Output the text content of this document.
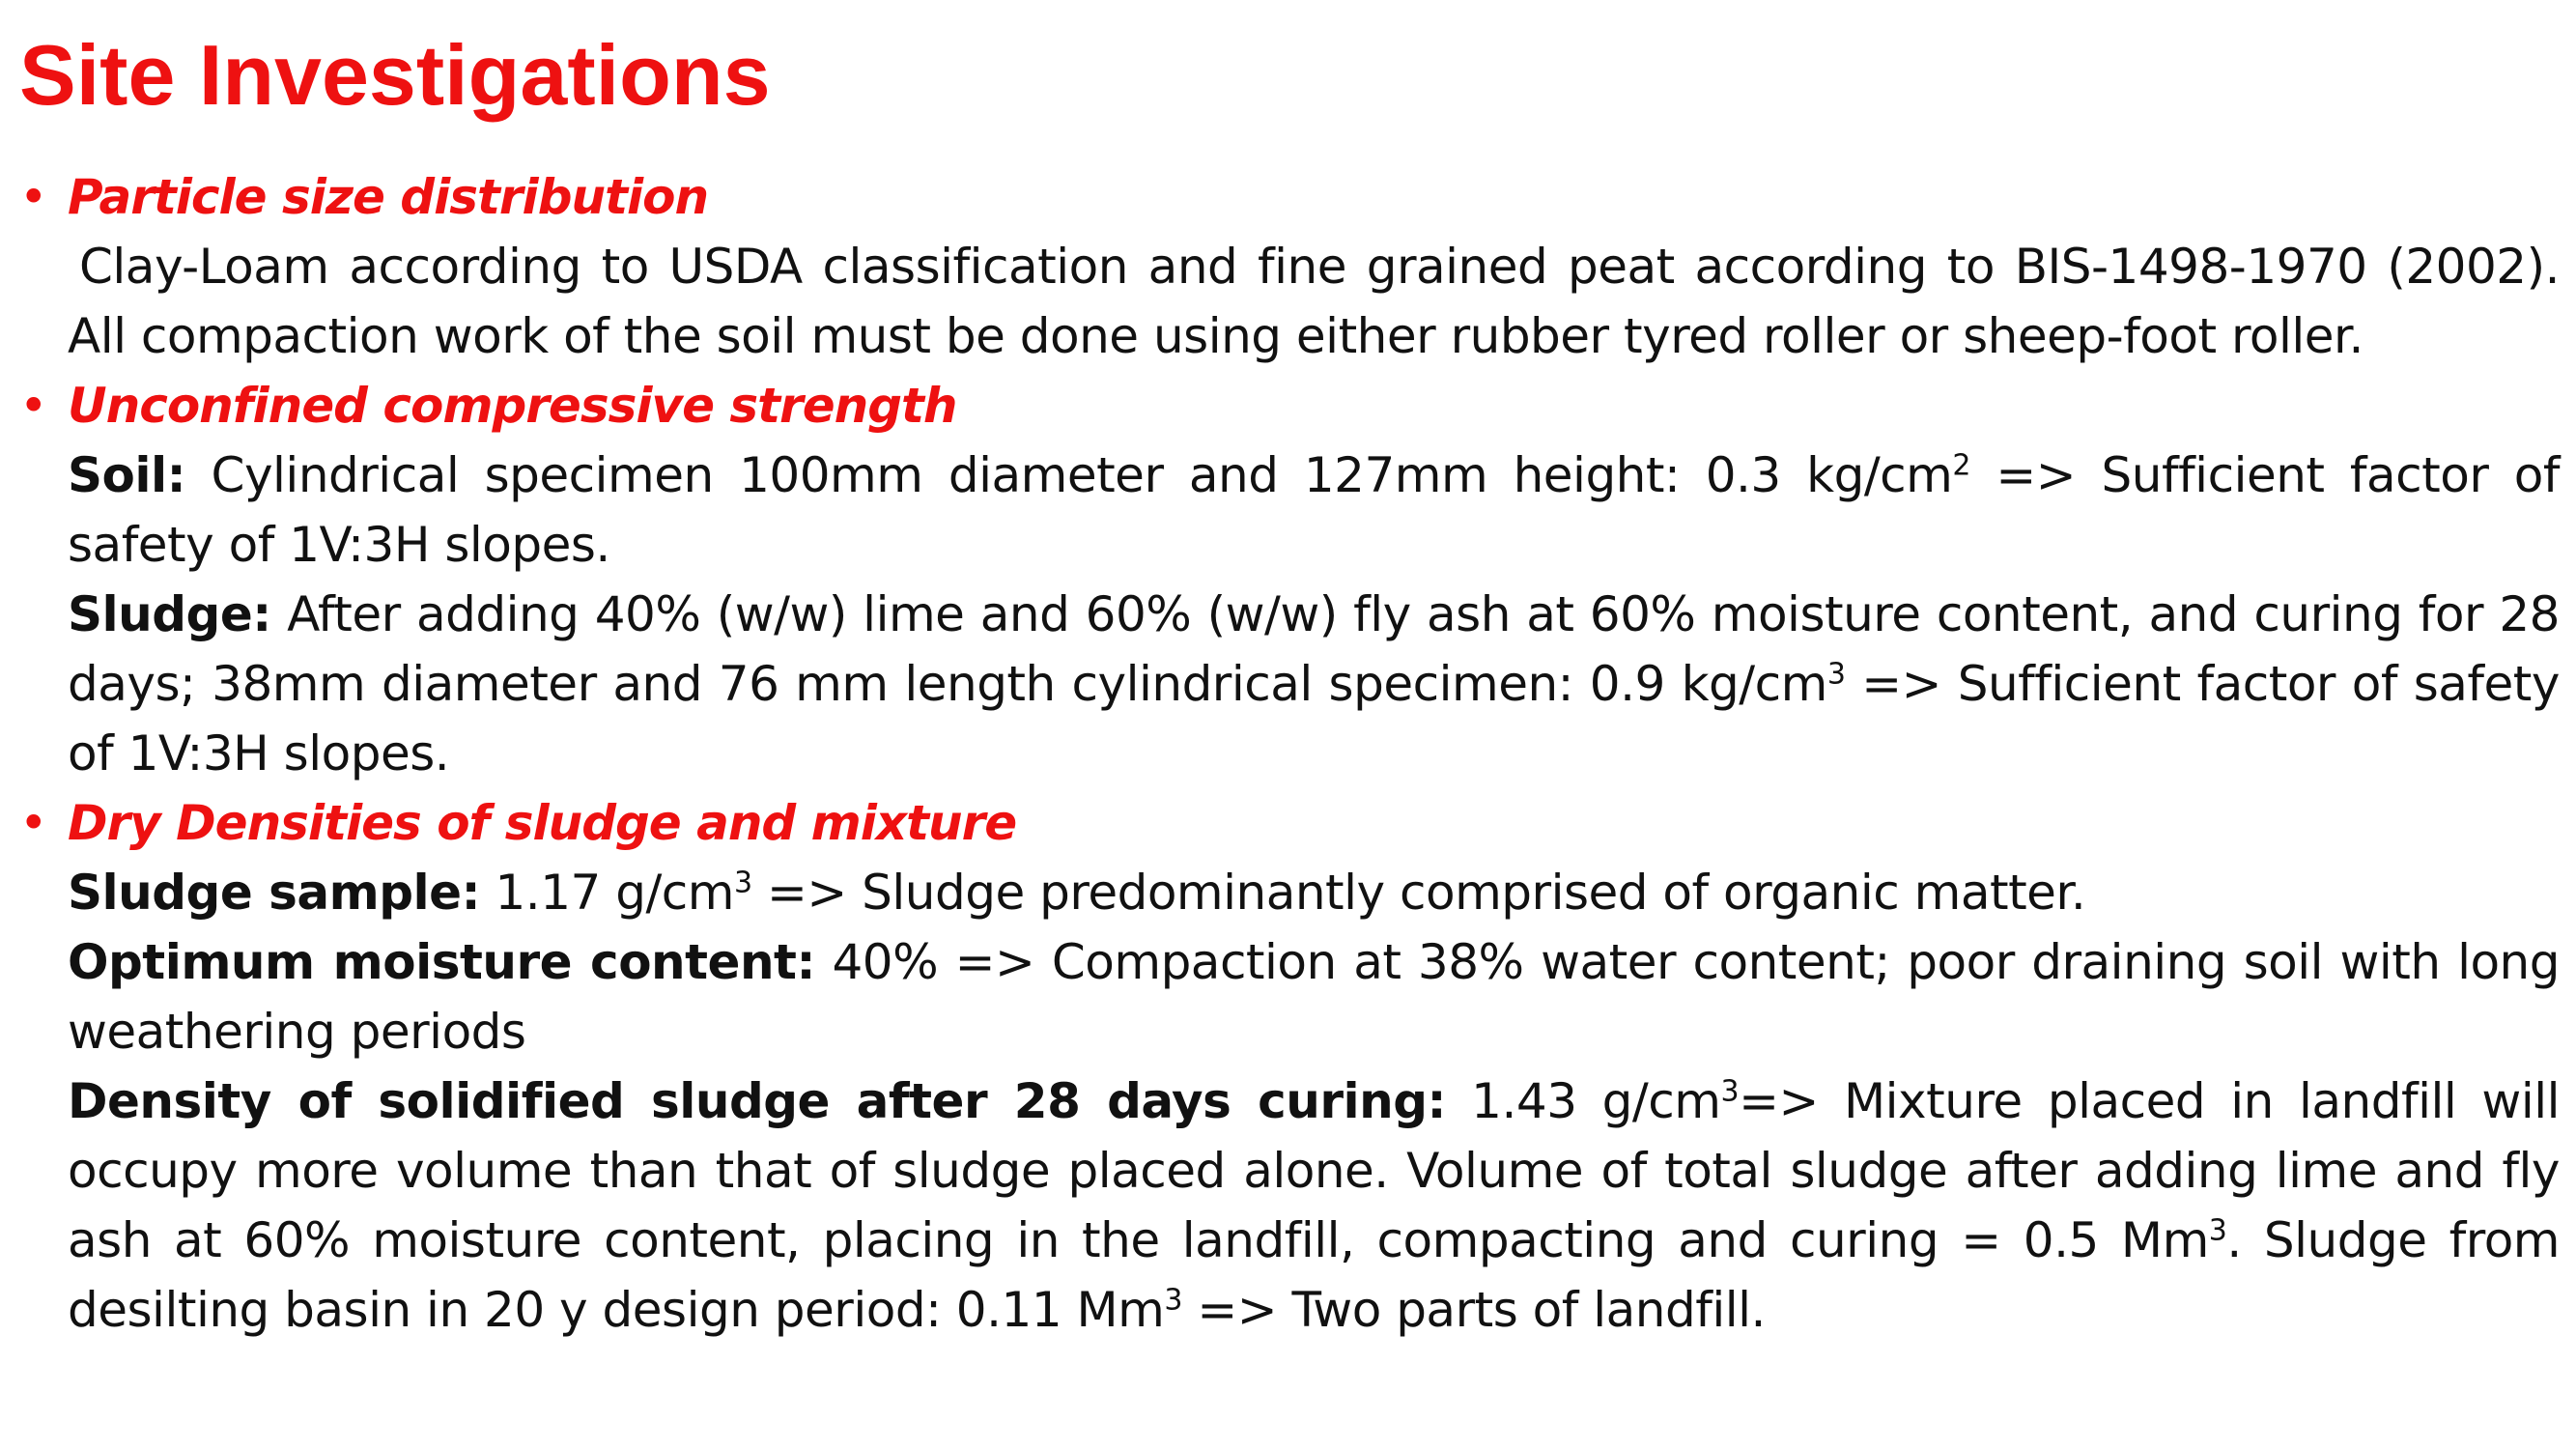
Site Investigations
• Particle size distribution
Clay-Loam according to USDA classification and fine grained peat according to BIS-1498-1970 (2002). All compaction work of the soil must be done using either rubber tyred roller or sheep-foot roller.
• Unconfined compressive strength
Soil: Cylindrical specimen 100mm diameter and 127mm height: 0.3 $kg/cm^2$ => Sufficient factor of safety of 1V:3H slopes.
Sludge: After adding 40% (w/w) lime and 60% (w/w) fly ash at 60% moisture content, and curing for 28 days; 38mm diameter and 76 mm length cylindrical specimen: 0.9 $kg/cm^3$ => Sufficient factor of safety of 1V:3H slopes.
• Dry Densities of sludge and mixture
Sludge sample: 1.17 $g/cm^3$ => Sludge predominantly comprised of organic matter.
Optimum moisture content: 40% => Compaction at 38% water content; poor draining soil with long weathering periods
Density of solidified sludge after 28 days curing: 1.43 $g/cm^3=>$ Mixture placed in landfill will occupy more volume than that of sludge placed alone. Volume of total sludge after adding lime and fly ash at 60% moisture content, placing in the landfill, compacting and curing = 0.5 Mm$^3$. Sludge from desilting basin in 20 y design period: 0.11 $Mm^3$ => Two parts of landfill.
